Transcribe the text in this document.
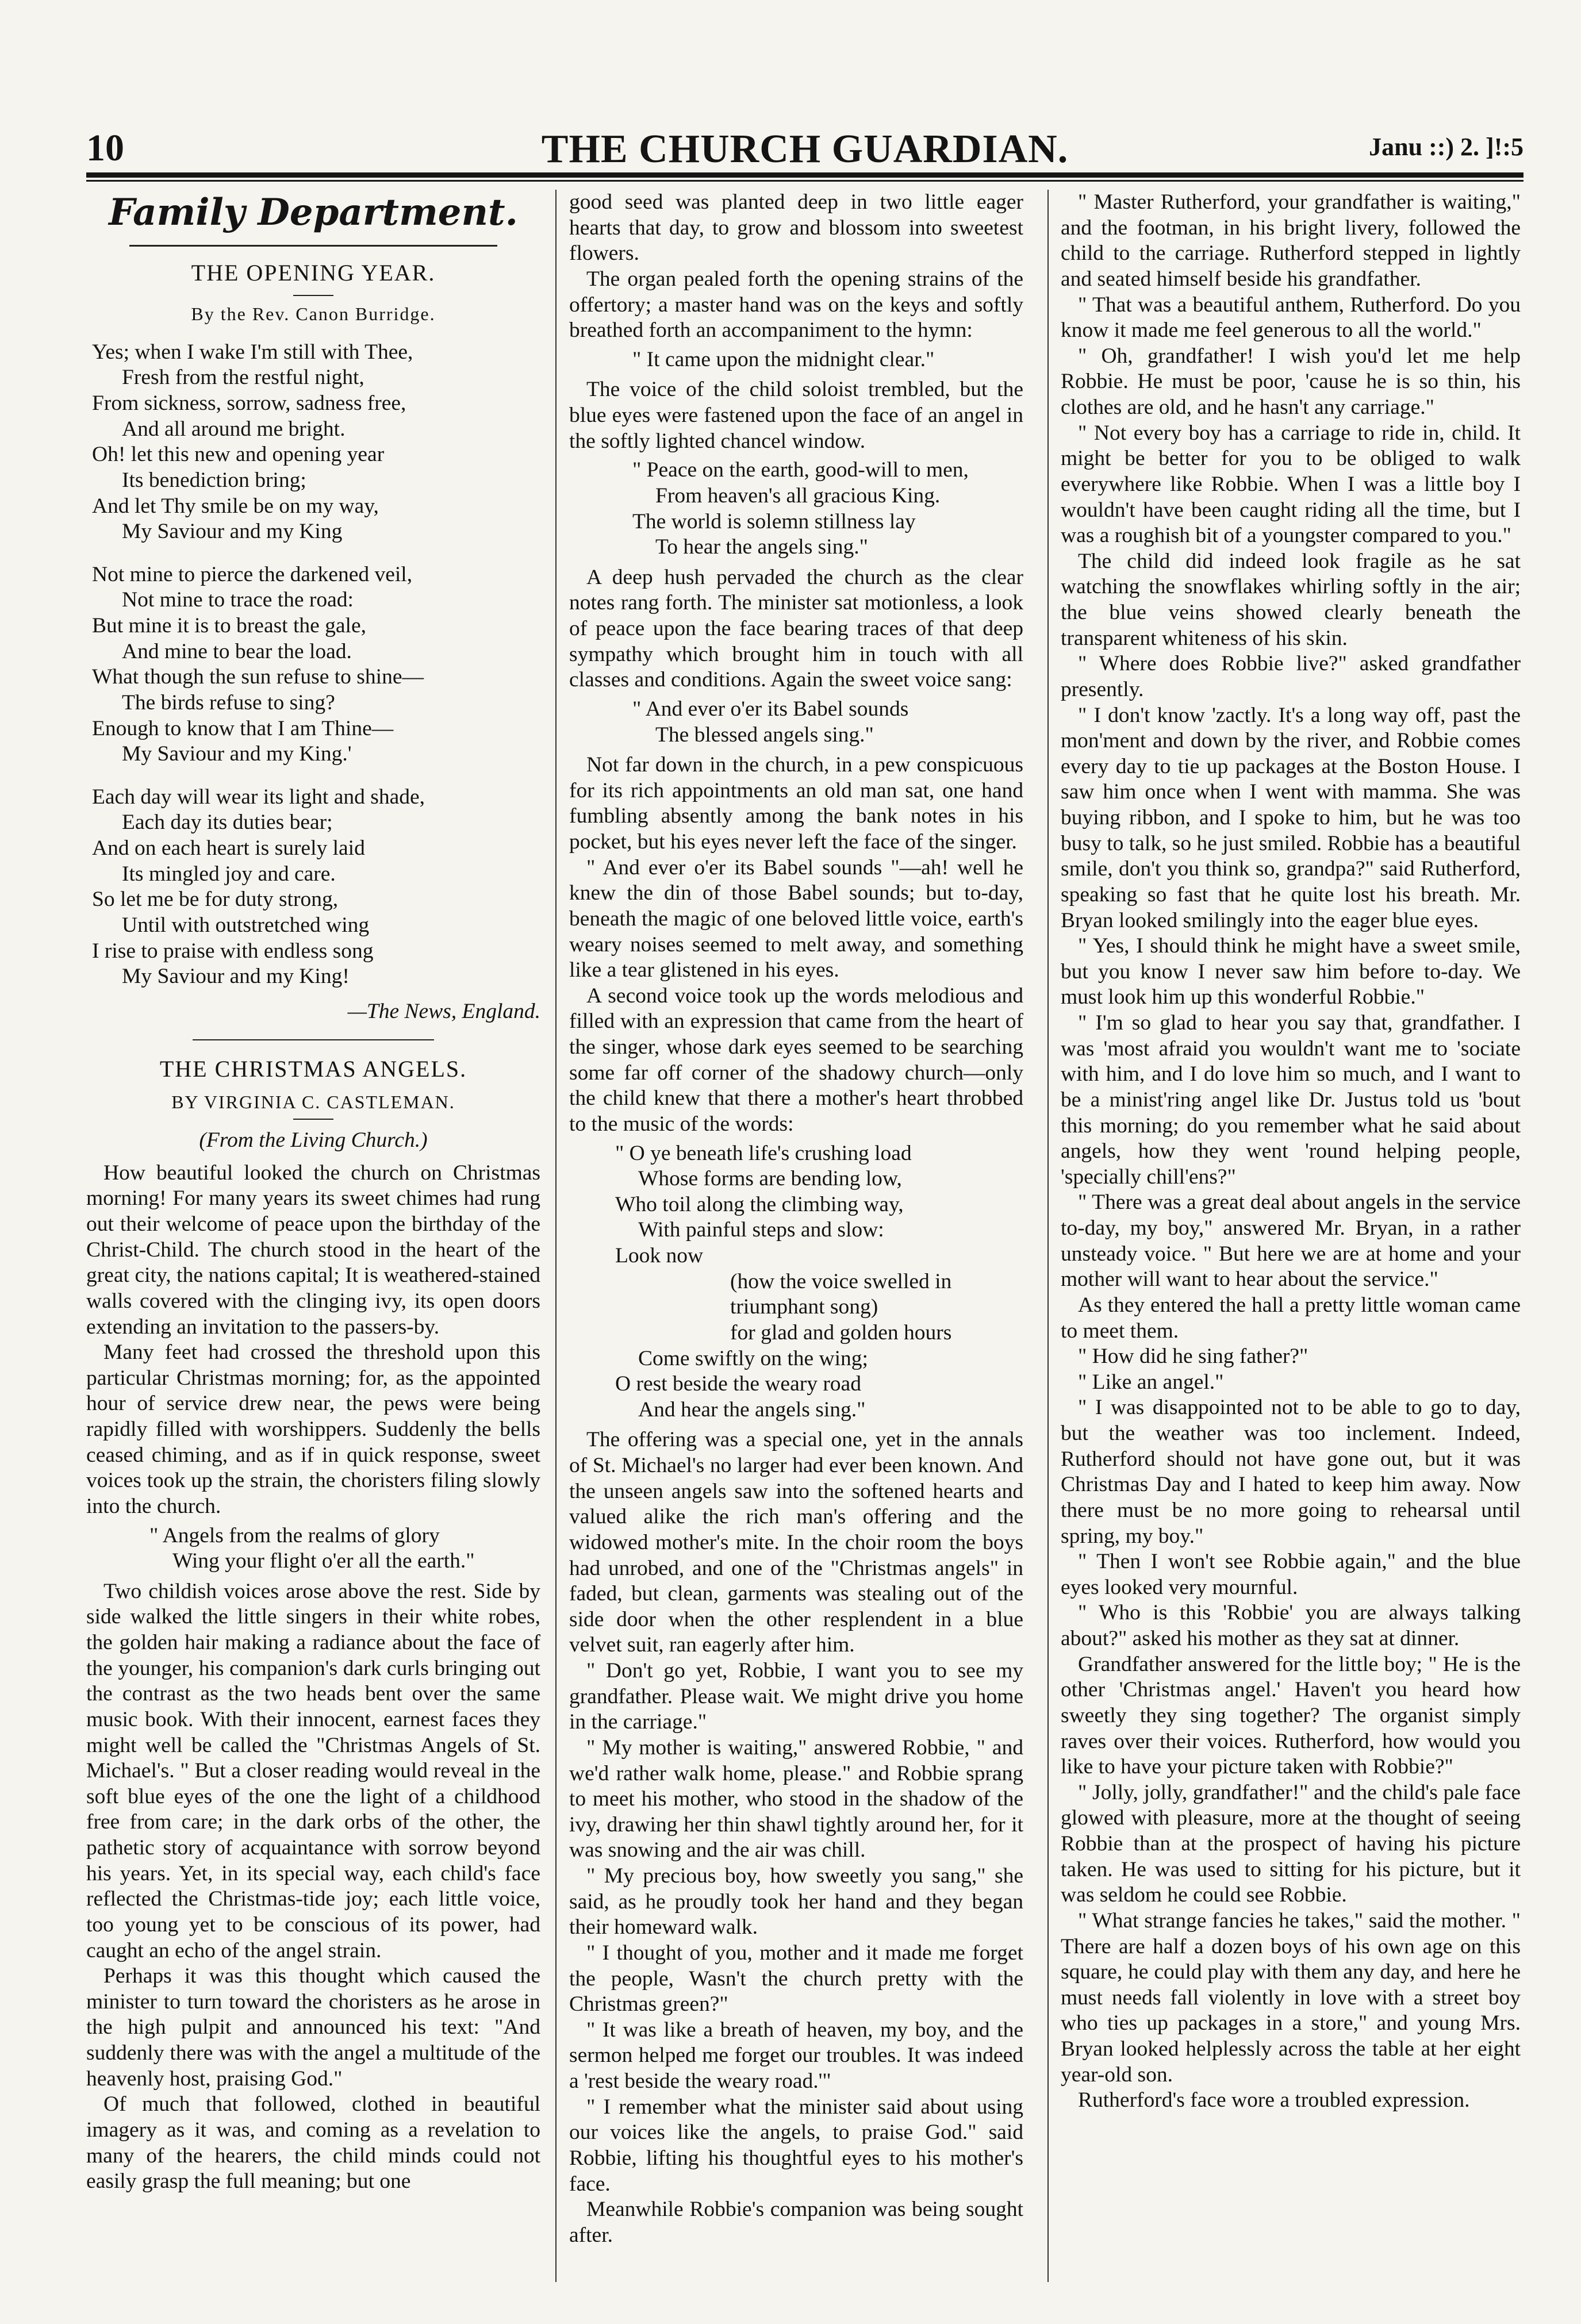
10	THE CHURCH GUARDIAN.	Janu ::) 2. ]!:5
Family Department.
THE OPENING YEAR.
By the Rev. Canon Burridge.
Yes; when I wake I'm still with Thee,
Fresh from the restful night,
From sickness, sorrow, sadness free,
And all around me bright.
Oh! let this new and opening year
Its benediction bring;
And let Thy smile be on my way,
My Saviour and my King
Not mine to pierce the darkened veil,
Not mine to trace the road:
But mine it is to breast the gale,
And mine to bear the load.
What though the sun refuse to shine—
The birds refuse to sing?
Enough to know that I am Thine—
My Saviour and my King.'
Each day will wear its light and shade,
Each day its duties bear;
And on each heart is surely laid
Its mingled joy and care.
So let me be for duty strong,
Until with outstretched wing
I rise to praise with endless song
My Saviour and my King!
—The News, England.
THE CHRISTMAS ANGELS.
BY VIRGINIA C. CASTLEMAN.
(From the Living Church.)

How beautiful looked the church on Christmas morning! For many years its sweet chimes had rung out their welcome of peace upon the birthday of the Christ-Child. The church stood in the heart of the great city, the nations capital; It is weathered-stained walls covered with the clinging ivy, its open doors extending an invitation to the passers-by.

Many feet had crossed the threshold upon this particular Christmas morning; for, as the appointed hour of service drew near, the pews were being rapidly filled with worshippers. Suddenly the bells ceased chiming, and as if in quick response, sweet voices took up the strain, the choristers filing slowly into the church.

" Angels from the realms of glory
Wing your flight o'er all the earth."

Two childish voices arose above the rest. Side by side walked the little singers in their white robes, the golden hair making a radiance about the face of the younger, his companion's dark curls bringing out the contrast as the two heads bent over the same music book. With their innocent, earnest faces they might well be called the "Christmas Angels of St. Michael's. " But a closer reading would reveal in the soft blue eyes of the one the light of a childhood free from care; in the dark orbs of the other, the pathetic story of acquaintance with sorrow beyond his years. Yet, in its special way, each child's face reflected the Christmas-tide joy; each little voice, too young yet to be conscious of its power, had caught an echo of the angel strain.

Perhaps it was this thought which caused the minister to turn toward the choristers as he arose in the high pulpit and announced his text: "And suddenly there was with the angel a multitude of the heavenly host, praising God."

Of much that followed, clothed in beautiful imagery as it was, and coming as a revelation to many of the hearers, the child minds could not easily grasp the full meaning; but one

good seed was planted deep in two little eager hearts that day, to grow and blossom into sweetest flowers.

The organ pealed forth the opening strains of the offertory; a master hand was on the keys and softly breathed forth an accompaniment to the hymn:

" It came upon the midnight clear."

The voice of the child soloist trembled, but the blue eyes were fastened upon the face of an angel in the softly lighted chancel window.

" Peace on the earth, good-will to men,
From heaven's all gracious King.
The world is solemn stillness lay
To hear the angels sing."

A deep hush pervaded the church as the clear notes rang forth. The minister sat motionless, a look of peace upon the face bearing traces of that deep sympathy which brought him in touch with all classes and conditions. Again the sweet voice sang:

" And ever o'er its Babel sounds
The blessed angels sing."

Not far down in the church, in a pew conspicuous for its rich appointments an old man sat, one hand fumbling absently among the bank notes in his pocket, but his eyes never left the face of the singer.

" And ever o'er its Babel sounds "—ah! well he knew the din of those Babel sounds; but to-day, beneath the magic of one beloved little voice, earth's weary noises seemed to melt away, and something like a tear glistened in his eyes.

A second voice took up the words melodious and filled with an expression that came from the heart of the singer, whose dark eyes seemed to be searching some far off corner of the shadowy church—only the child knew that there a mother's heart throbbed to the music of the words:

" O ye beneath life's crushing load
Whose forms are bending low,
Who toil along the climbing way,
With painful steps and slow:
Look now
(how the voice swelled in triumphant song)
for glad and golden hours
Come swiftly on the wing;
O rest beside the weary road
And hear the angels sing."

The offering was a special one, yet in the annals of St. Michael's no larger had ever been known. And the unseen angels saw into the softened hearts and valued alike the rich man's offering and the widowed mother's mite. In the choir room the boys had unrobed, and one of the "Christmas angels" in faded, but clean, garments was stealing out of the side door when the other resplendent in a blue velvet suit, ran eagerly after him.

" Don't go yet, Robbie, I want you to see my grandfather. Please wait. We might drive you home in the carriage."

" My mother is waiting," answered Robbie, " and we'd rather walk home, please." and Robbie sprang to meet his mother, who stood in the shadow of the ivy, drawing her thin shawl tightly around her, for it was snowing and the air was chill.

" My precious boy, how sweetly you sang," she said, as he proudly took her hand and they began their homeward walk.

" I thought of you, mother and it made me forget the people, Wasn't the church pretty with the Christmas green?"

" It was like a breath of heaven, my boy, and the sermon helped me forget our troubles. It was indeed a 'rest beside the weary road.'"

" I remember what the minister said about using our voices like the angels, to praise God." said Robbie, lifting his thoughtful eyes to his mother's face.

Meanwhile Robbie's companion was being sought after.

" Master Rutherford, your grandfather is waiting," and the footman, in his bright livery, followed the child to the carriage. Rutherford stepped in lightly and seated himself beside his grandfather.

" That was a beautiful anthem, Rutherford. Do you know it made me feel generous to all the world."

" Oh, grandfather! I wish you'd let me help Robbie. He must be poor, 'cause he is so thin, his clothes are old, and he hasn't any carriage."

" Not every boy has a carriage to ride in, child. It might be better for you to be obliged to walk everywhere like Robbie. When I was a little boy I wouldn't have been caught riding all the time, but I was a roughish bit of a youngster compared to you."

The child did indeed look fragile as he sat watching the snowflakes whirling softly in the air; the blue veins showed clearly beneath the transparent whiteness of his skin.

" Where does Robbie live?" asked grandfather presently.

" I don't know 'zactly. It's a long way off, past the mon'ment and down by the river, and Robbie comes every day to tie up packages at the Boston House. I saw him once when I went with mamma. She was buying ribbon, and I spoke to him, but he was too busy to talk, so he just smiled. Robbie has a beautiful smile, don't you think so, grandpa?" said Rutherford, speaking so fast that he quite lost his breath. Mr. Bryan looked smilingly into the eager blue eyes.

" Yes, I should think he might have a sweet smile, but you know I never saw him before to-day. We must look him up this wonderful Robbie."

" I'm so glad to hear you say that, grandfather. I was 'most afraid you wouldn't want me to 'sociate with him, and I do love him so much, and I want to be a minist'ring angel like Dr. Justus told us 'bout this morning; do you remember what he said about angels, how they went 'round helping people, 'specially chill'ens?"

" There was a great deal about angels in the service to-day, my boy," answered Mr. Bryan, in a rather unsteady voice. " But here we are at home and your mother will want to hear about the service."

As they entered the hall a pretty little woman came to meet them.

" How did he sing father?"

" Like an angel."

" I was disappointed not to be able to go to day, but the weather was too inclement. Indeed, Rutherford should not have gone out, but it was Christmas Day and I hated to keep him away. Now there must be no more going to rehearsal until spring, my boy."

" Then I won't see Robbie again," and the blue eyes looked very mournful.

" Who is this 'Robbie' you are always talking about?" asked his mother as they sat at dinner.

Grandfather answered for the little boy; " He is the other 'Christmas angel.' Haven't you heard how sweetly they sing together? The organist simply raves over their voices. Rutherford, how would you like to have your picture taken with Robbie?"

" Jolly, jolly, grandfather!" and the child's pale face glowed with pleasure, more at the thought of seeing Robbie than at the prospect of having his picture taken. He was used to sitting for his picture, but it was seldom he could see Robbie.

" What strange fancies he takes," said the mother. " There are half a dozen boys of his own age on this square, he could play with them any day, and here he must needs fall violently in love with a street boy who ties up packages in a store," and young Mrs. Bryan looked helplessly across the table at her eight year-old son.

Rutherford's face wore a troubled expression.
